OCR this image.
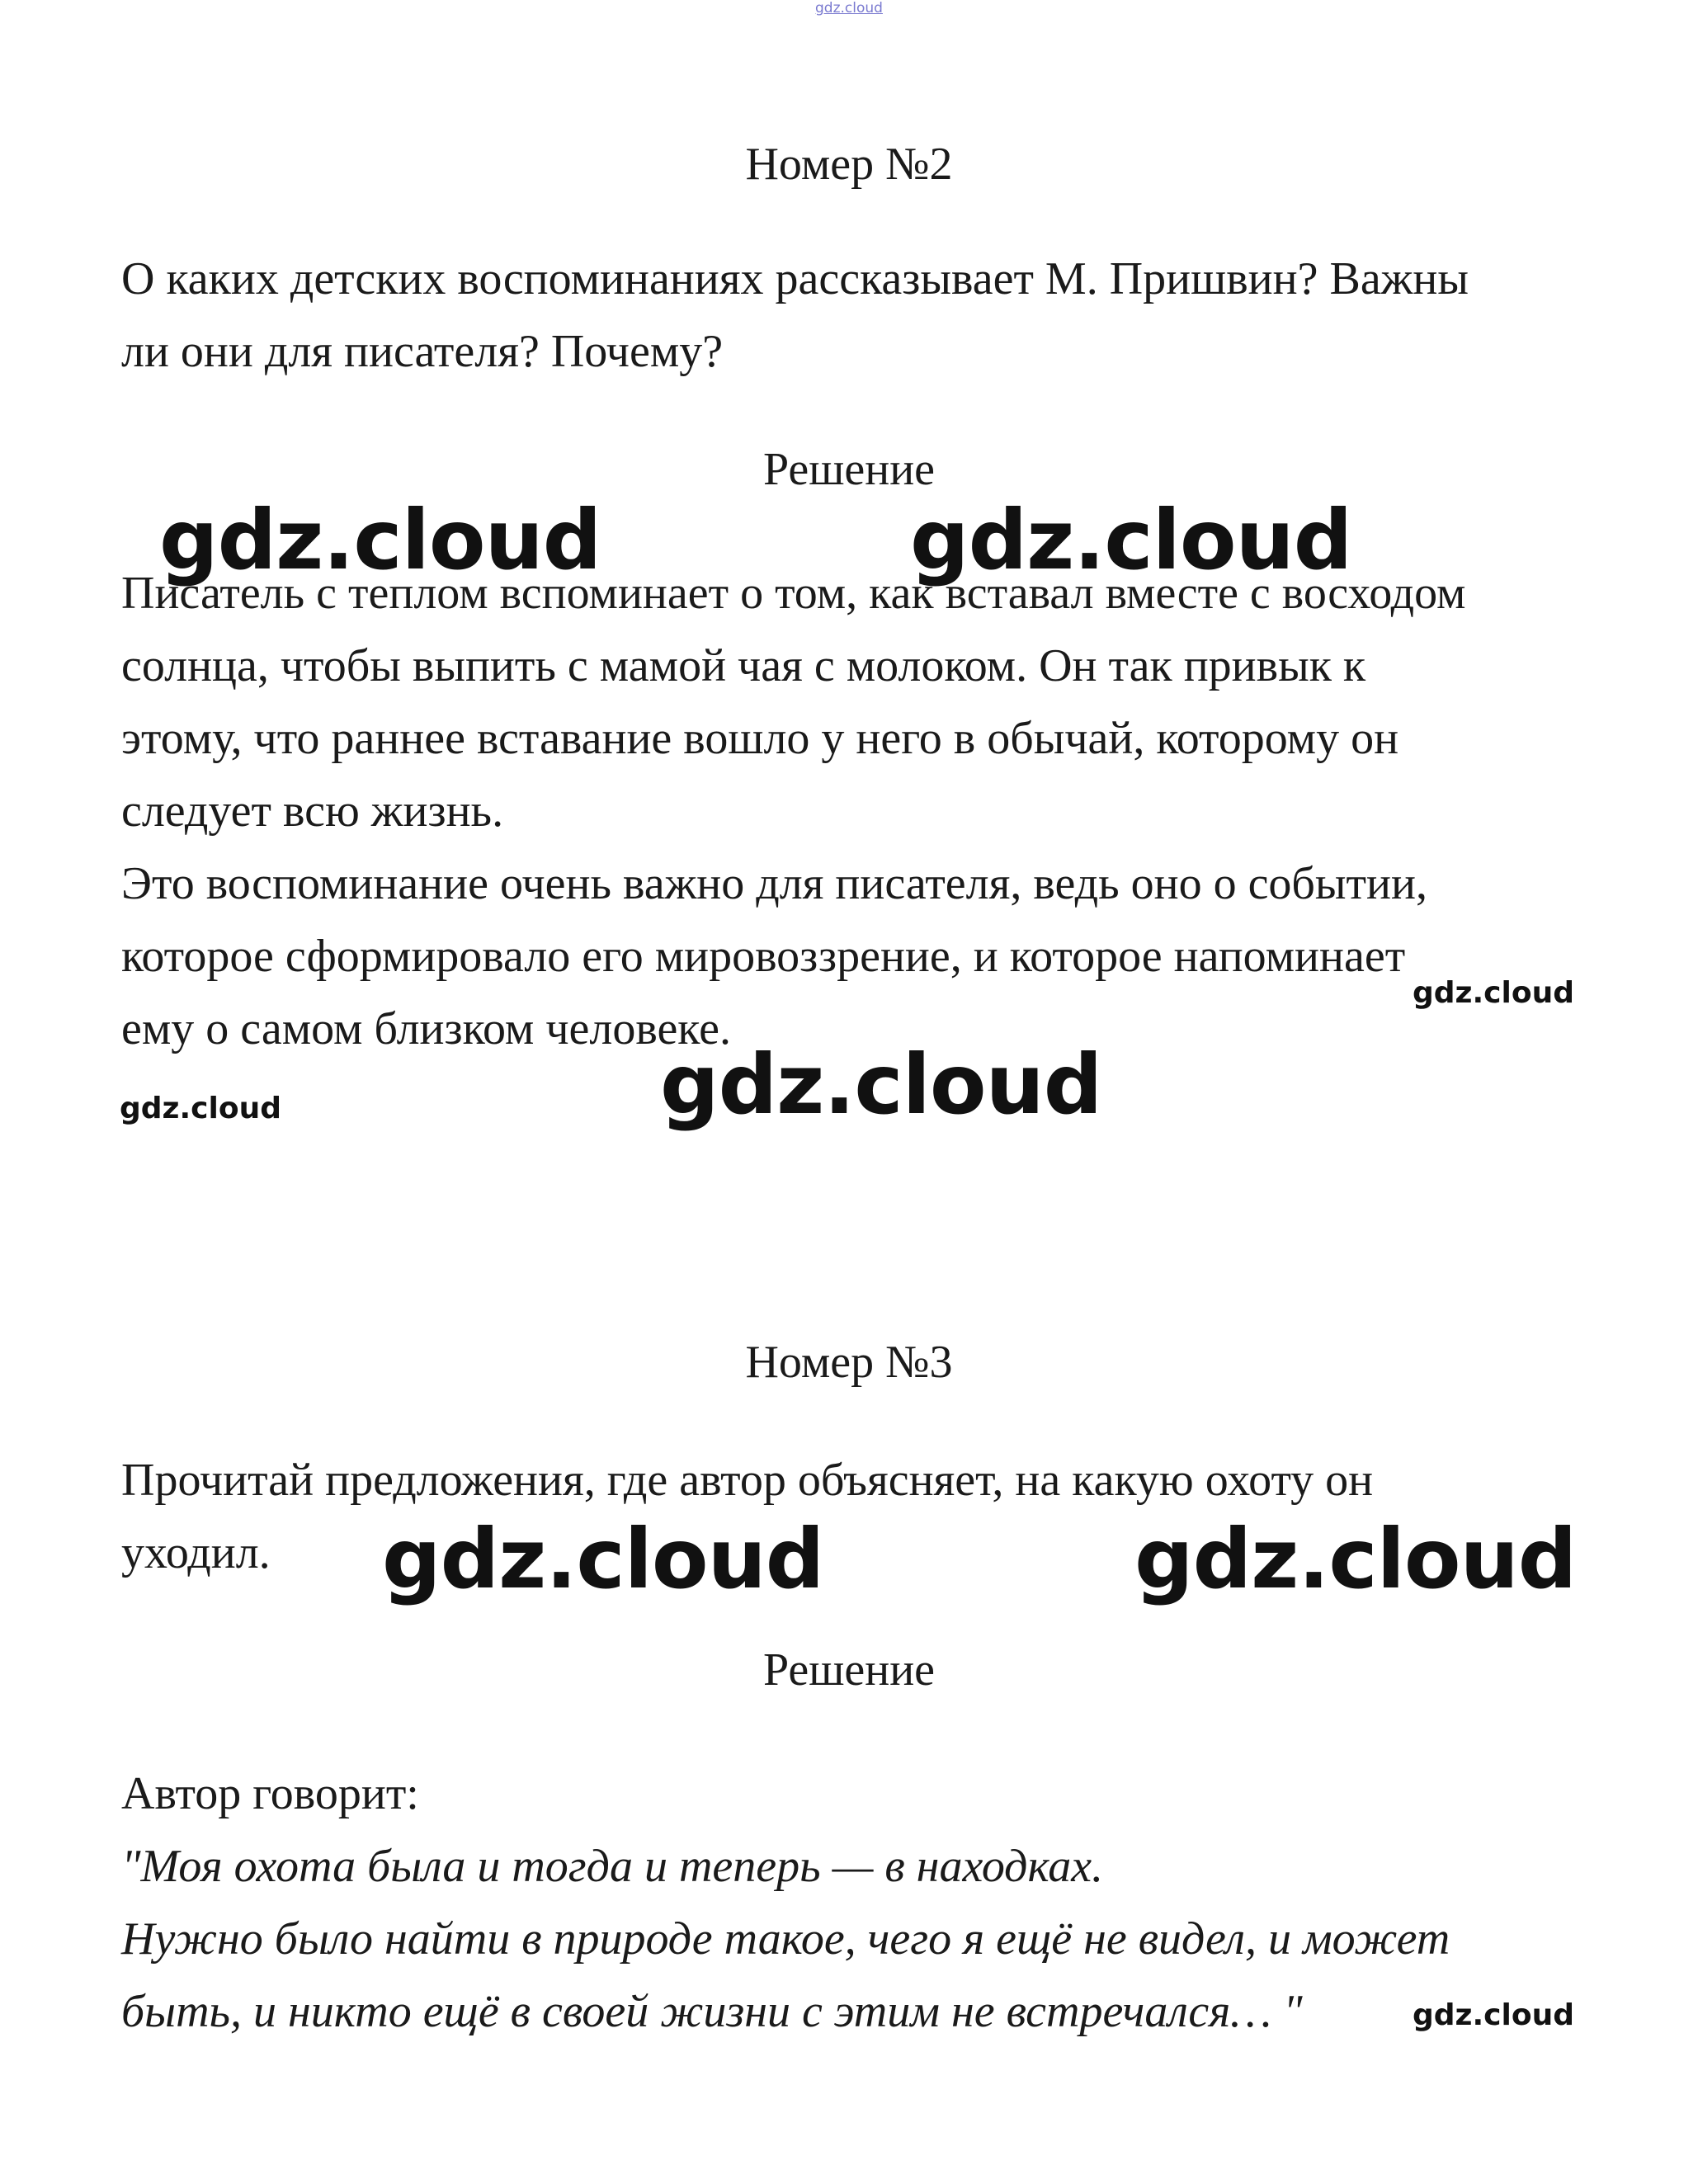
gdz.cloud
Номер №2

О каких детских воспоминаниях рассказывает М. Пришвин? Важны
ли они для писателя? Почему?

Решение

Писатель с теплом вспоминает о том, как вставал вместе с восходом
солнца, чтобы выпить с мамой чая с молоком. Он так привык к
этому, что раннее вставание вошло у него в обычай, которому он
следует всю жизнь.
Это воспоминание очень важно для писателя, ведь оно о событии,
которое сформировало его мировоззрение, и которое напоминает
ему о самом близком человеке.

Номер №3

Прочитай предложения, где автор объясняет, на какую охоту он
уходил.

Решение

Автор говорит:
"Моя охота была и тогда и теперь — в находках.
Нужно было найти в природе такое, чего я ещё не видел, и может
быть, и никто ещё в своей жизни с этим не встречался… "

gdz.cloud	gdz.cloud
gdz.cloud
gdz.cloud
gdz.cloud
gdz.cloud	gdz.cloud
gdz.cloud
